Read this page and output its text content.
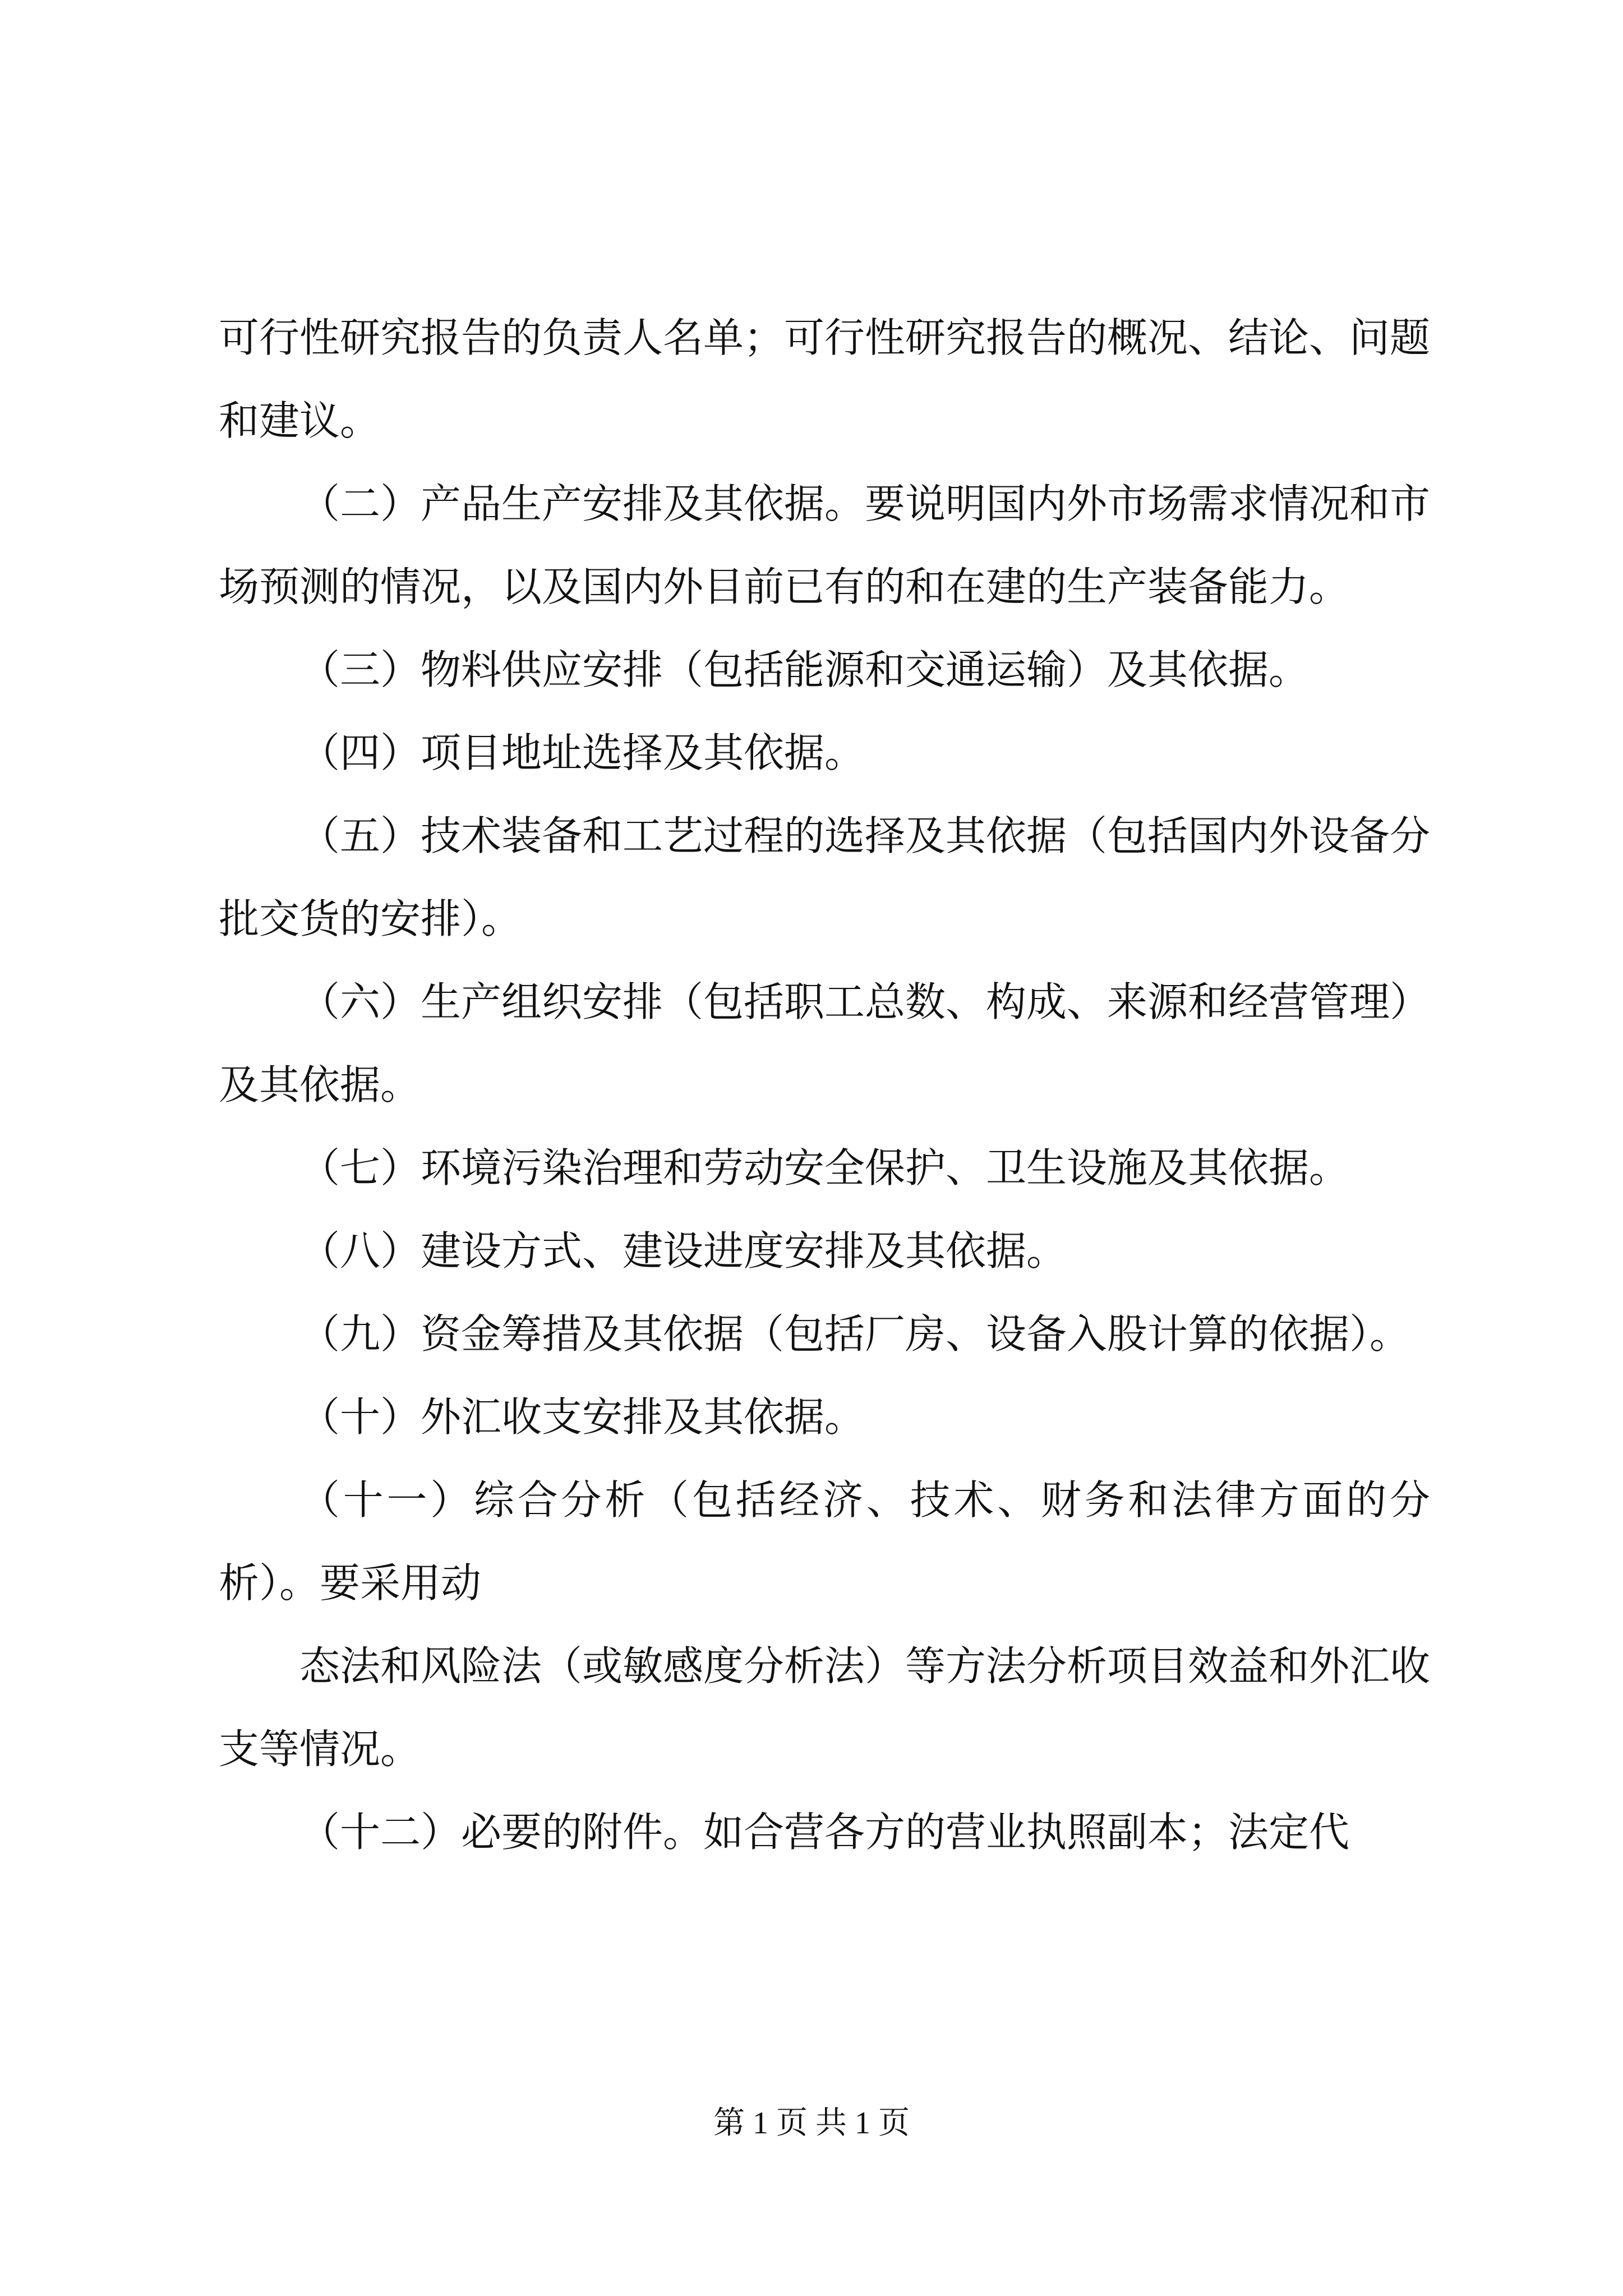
可行性研究报告的负责人名单；可行性研究报告的概况、结论、问题和建议。

（二）产品生产安排及其依据。要说明国内外市场需求情况和市场预测的情况，以及国内外目前已有的和在建的生产装备能力。

（三）物料供应安排（包括能源和交通运输）及其依据。

（四）项目地址选择及其依据。

（五）技术装备和工艺过程的选择及其依据（包括国内外设备分批交货的安排）。

（六）生产组织安排（包括职工总数、构成、来源和经营管理）及其依据。

（七）环境污染治理和劳动安全保护、卫生设施及其依据。

（八）建设方式、建设进度安排及其依据。

（九）资金筹措及其依据（包括厂房、设备入股计算的依据）。

（十）外汇收支安排及其依据。

（十一）综合分析（包括经济、技术、财务和法律方面的分析）。要采用动

态法和风险法（或敏感度分析法）等方法分析项目效益和外汇收支等情况。

（十二）必要的附件。如合营各方的营业执照副本；法定代

第 1 页 共 1 页
